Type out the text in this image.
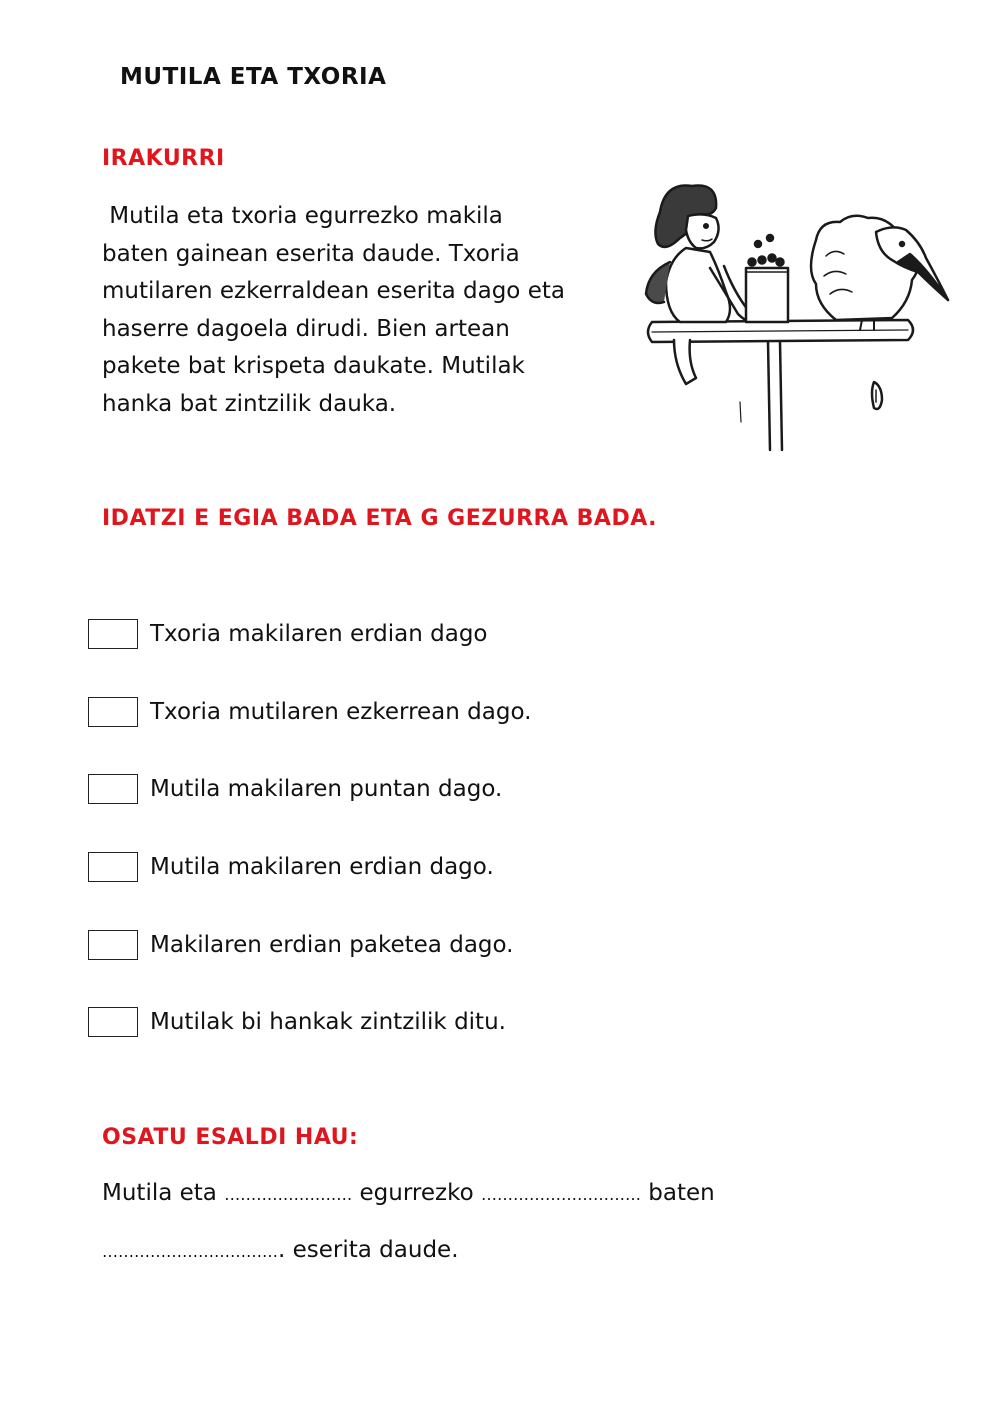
MUTILA ETA TXORIA
IRAKURRI
Mutila eta txoria egurrezko makila
baten gainean eserita daude. Txoria
mutilaren ezkerraldean eserita dago eta
haserre dagoela dirudi. Bien artean
pakete bat krispeta daukate. Mutilak
hanka bat zintzilik dauka.
IDATZI E EGIA BADA ETA G GEZURRA BADA.
Txoria makilaren erdian dago
Txoria mutilaren ezkerrean dago.
Mutila makilaren puntan dago.
Mutila makilaren erdian dago.
Makilaren erdian paketea dago.
Mutilak bi hankak zintzilik ditu.
OSATU ESALDI HAU:
Mutila eta …………………… egurrezko ………………………… baten
……………………………. eserita daude.
